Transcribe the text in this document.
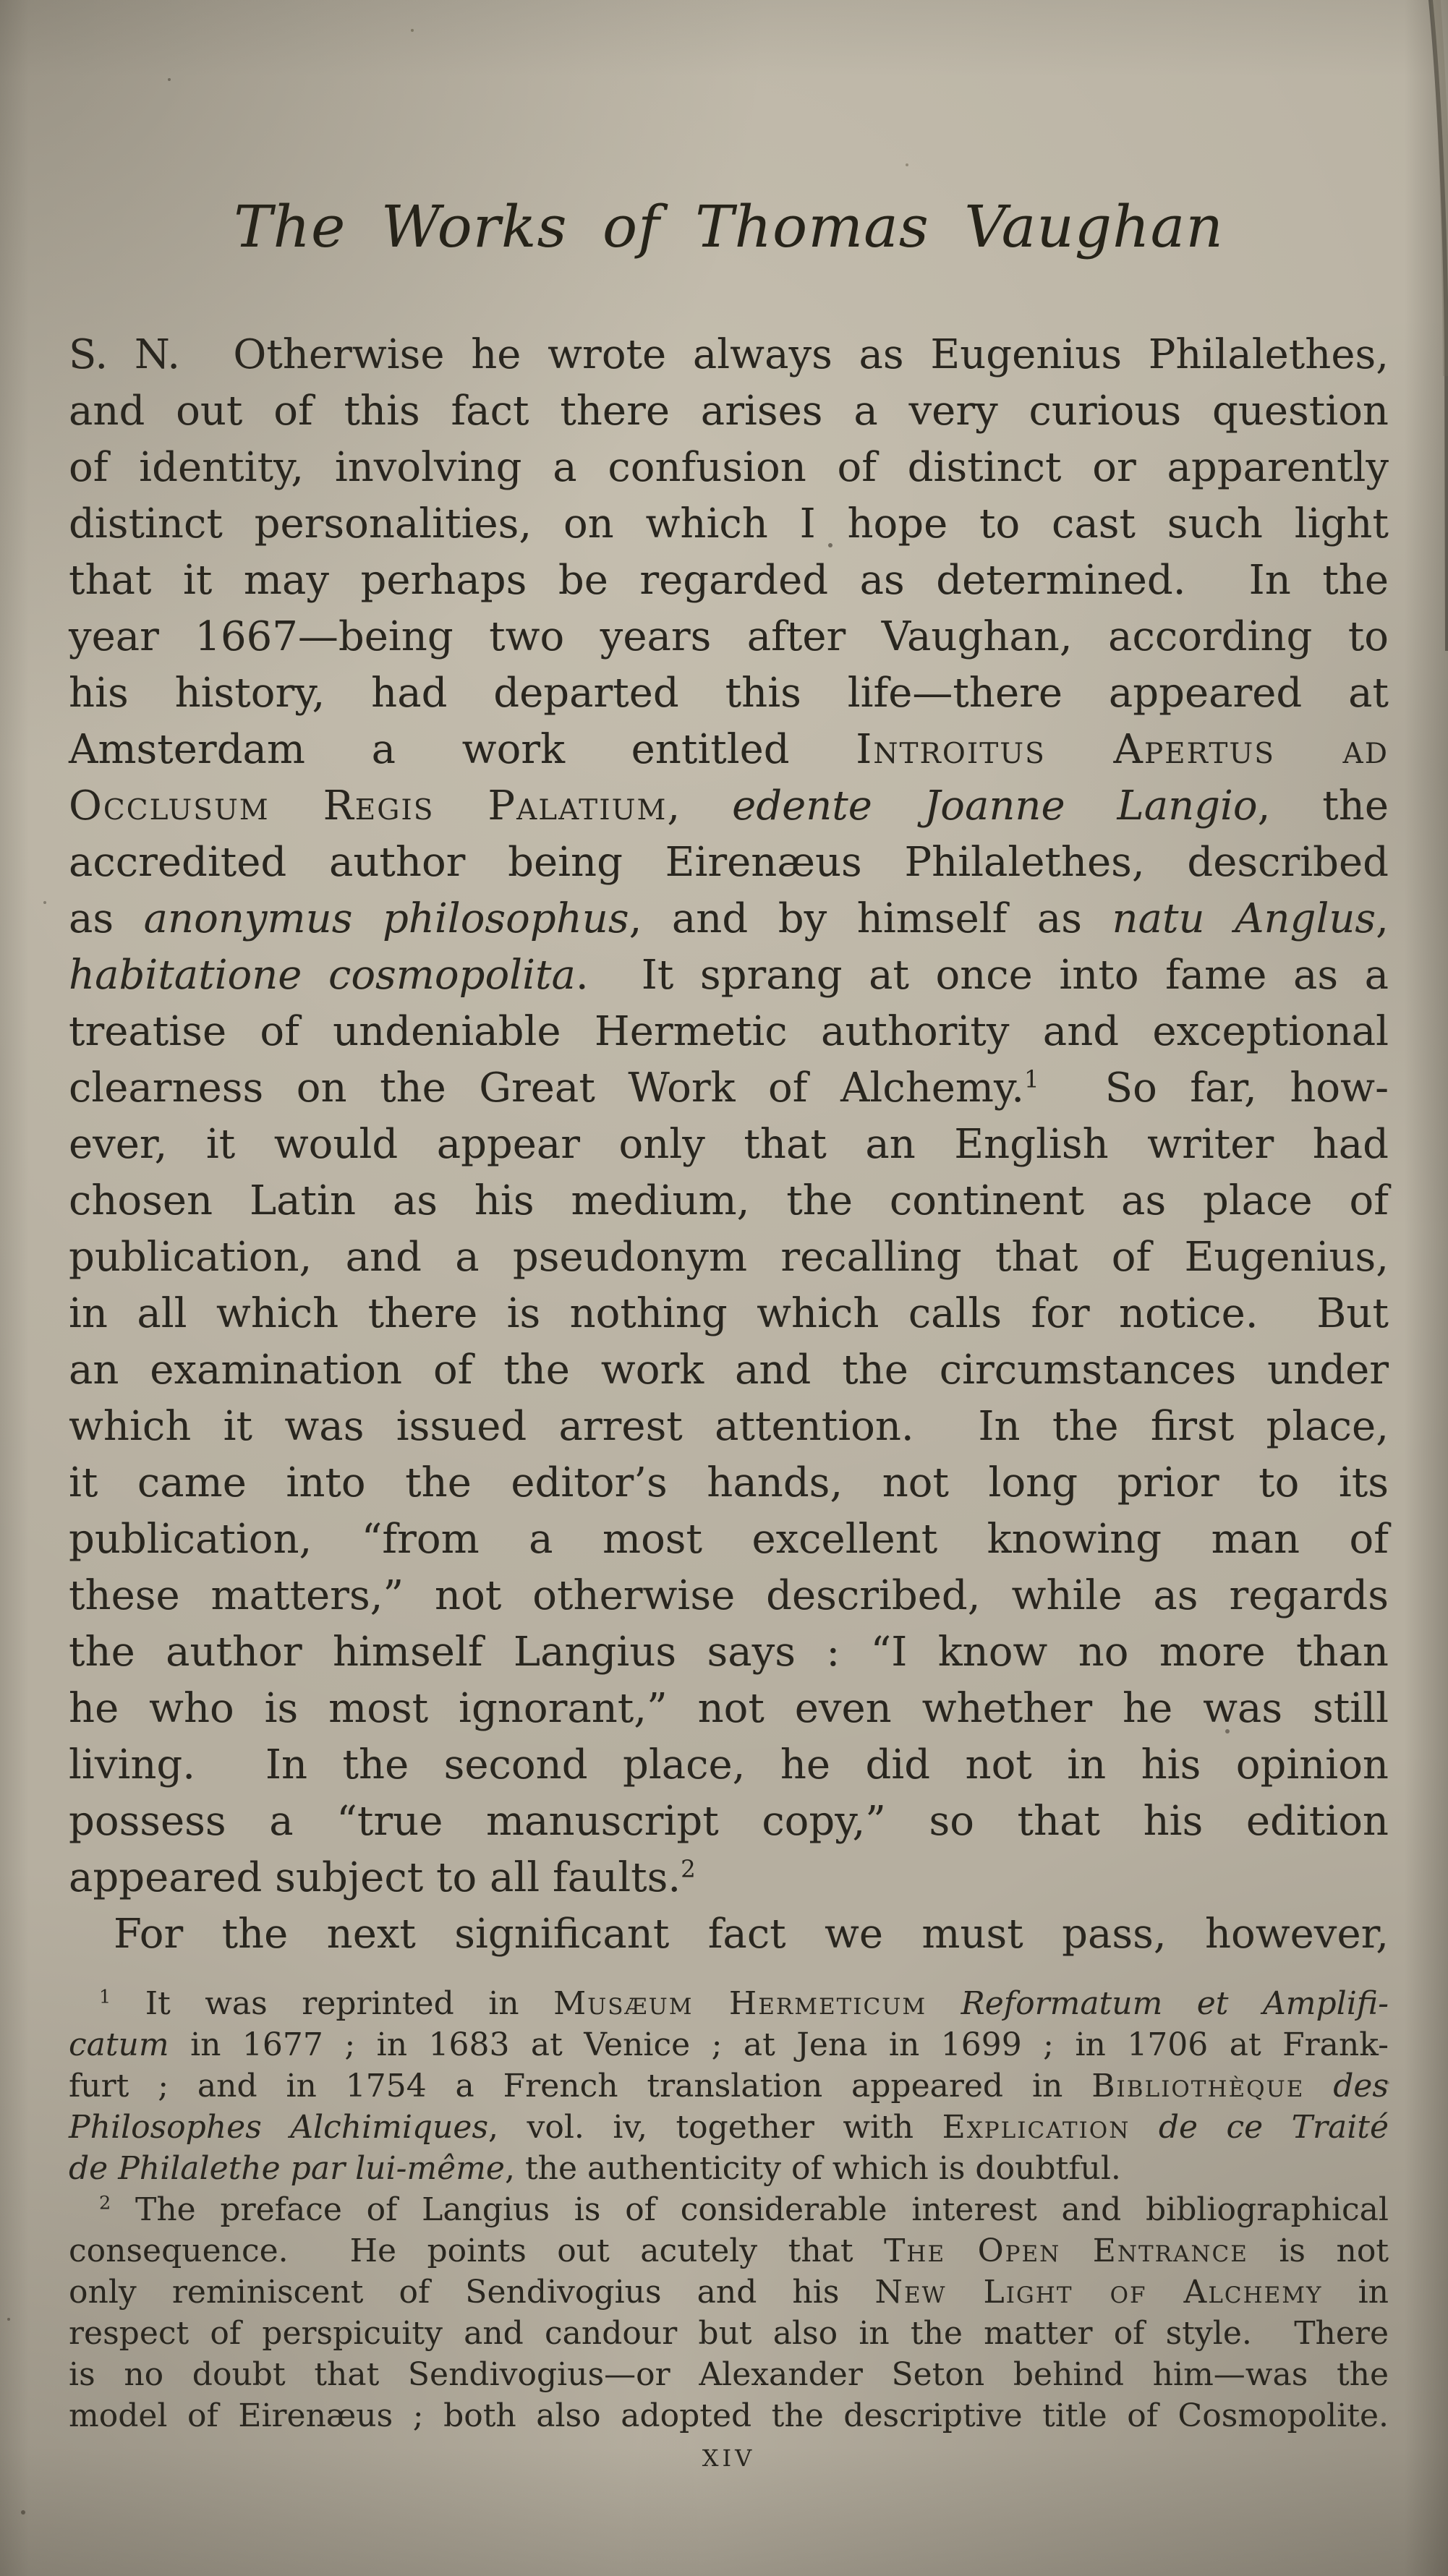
The Works of Thomas Vaughan
S. N.  Otherwise he wrote always as Eugenius Philalethes,
and out of this fact there arises a very curious question
of identity, involving a confusion of distinct or apparently
distinct personalities, on which I hope to cast such light
that it may perhaps be regarded as determined.  In the
year 1667—being two years after Vaughan, according to
his history, had departed this life—there appeared at
Amsterdam a work entitled Introitus Apertus ad
Occlusum Regis Palatium, edente Joanne Langio, the
accredited author being Eirenæus Philalethes, described
as anonymus philosophus, and by himself as natu Anglus,
habitatione cosmopolita.  It sprang at once into fame as a
treatise of undeniable Hermetic authority and exceptional
clearness on the Great Work of Alchemy.$^1$  So far, how-
ever, it would appear only that an English writer had
chosen Latin as his medium, the continent as place of
publication, and a pseudonym recalling that of Eugenius,
in all which there is nothing which calls for notice.  But
an examination of the work and the circumstances under
which it was issued arrest attention.  In the first place,
it came into the editor’s hands, not long prior to its
publication, “from a most excellent knowing man of
these matters,” not otherwise described, while as regards
the author himself Langius says : “I know no more than
he who is most ignorant,” not even whether he was still
living.  In the second place, he did not in his opinion
possess a “true manuscript copy,” so that his edition
appeared subject to all faults.$^2$
For the next significant fact we must pass, however,
$^1$ It was reprinted in Musæum Hermeticum Reformatum et Amplifi-
catum in 1677 ; in 1683 at Venice ; at Jena in 1699 ; in 1706 at Frank-
furt ; and in 1754 a French translation appeared in Bibliothèque des
Philosophes Alchimiques, vol. iv, together with Explication de ce Traité
de Philalethe par lui-même, the authenticity of which is doubtful.
$^2$ The preface of Langius is of considerable interest and bibliographical
consequence.  He points out acutely that The Open Entrance is not
only reminiscent of Sendivogius and his New Light of Alchemy in
respect of perspicuity and candour but also in the matter of style.  There
is no doubt that Sendivogius—or Alexander Seton behind him—was the
model of Eirenæus ; both also adopted the descriptive title of Cosmopolite.
xiv
